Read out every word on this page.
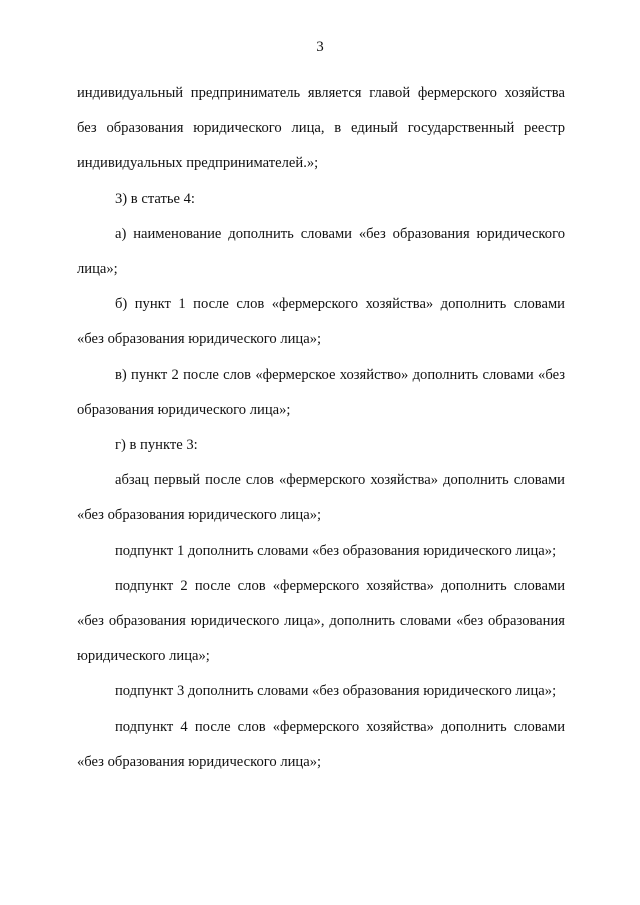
3

индивидуальный предприниматель является главой фермерского хозяйства без образования юридического лица, в единый государственный реестр индивидуальных предпринимателей.»;

3) в статье 4:

а) наименование дополнить словами «без образования юридического лица»;

б) пункт 1 после слов «фермерского хозяйства» дополнить словами «без образования юридического лица»;

в) пункт 2 после слов «фермерское хозяйство» дополнить словами «без образования юридического лица»;

г) в пункте 3:

абзац первый после слов «фермерского хозяйства» дополнить словами «без образования юридического лица»;

подпункт 1 дополнить словами «без образования юридического лица»;

подпункт 2 после слов «фермерского хозяйства» дополнить словами «без образования юридического лица», дополнить словами «без образования юридического лица»;

подпункт 3 дополнить словами «без образования юридического лица»;

подпункт 4 после слов «фермерского хозяйства» дополнить словами «без образования юридического лица»;
